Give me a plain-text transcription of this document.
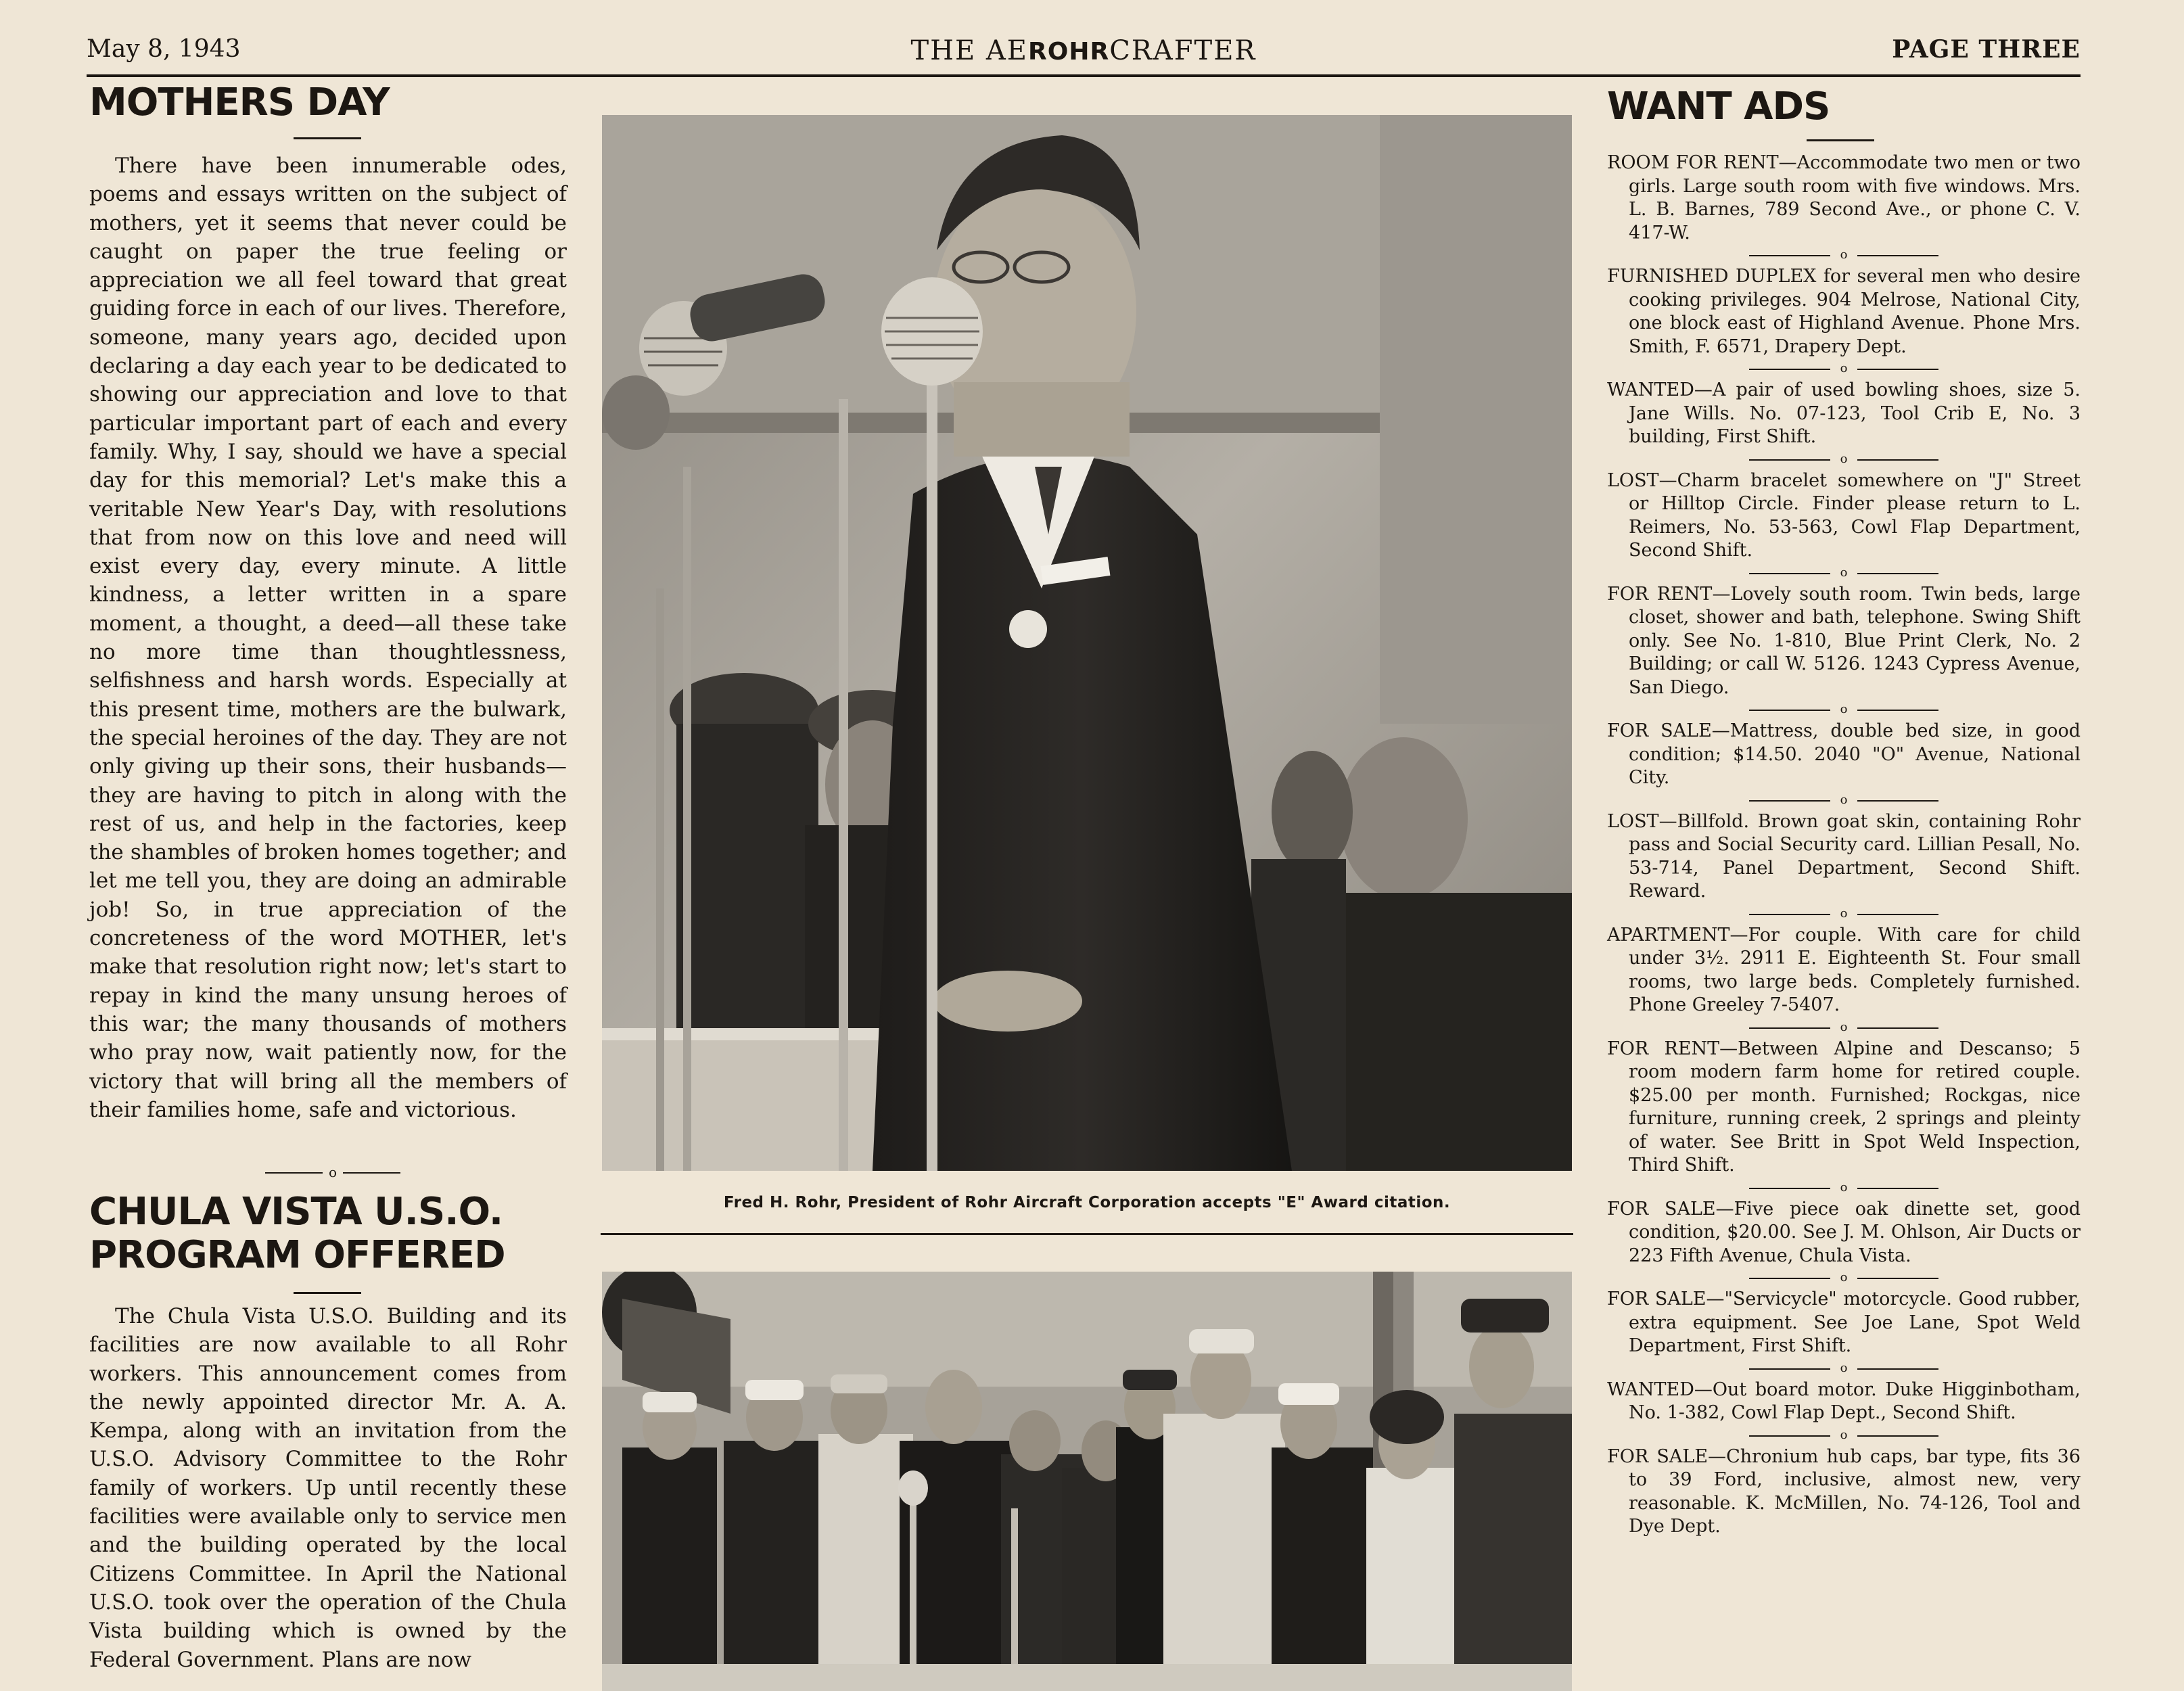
May 8, 1943	THE AEROHRCRAFTER	PAGE THREE
MOTHERS DAY

There have been innumerable odes, poems and essays written on the subject of mothers, yet it seems that never could be caught on paper the true feeling or appreciation we all feel toward that great guiding force in each of our lives. Therefore, someone, many years ago, decided upon declaring a day each year to be dedicated to showing our appreciation and love to that particular important part of each and every family. Why, I say, should we have a special day for this memorial? Let's make this a veritable New Year's Day, with resolutions that from now on this love and need will exist every day, every minute. A little kindness, a letter written in a spare moment, a thought, a deed—all these take no more time than thoughtlessness, selfishness and harsh words. Especially at this present time, mothers are the bulwark, the special heroines of the day. They are not only giving up their sons, their husbands—they are having to pitch in along with the rest of us, and help in the factories, keep the shambles of broken homes together; and let me tell you, they are doing an admirable job! So, in true appreciation of the concreteness of the word MOTHER, let's make that resolution right now; let's start to repay in kind the many unsung heroes of this war; the many thousands of mothers who pray now, wait patiently now, for the victory that will bring all the members of their families home, safe and victorious.

o
CHULA VISTA U.S.O.
PROGRAM OFFERED

The Chula Vista U.S.O. Building and its facilities are now available to all Rohr workers. This announcement comes from the newly appointed director Mr. A. A. Kempa, along with an invitation from the U.S.O. Advisory Committee to the Rohr family of workers. Up until recently these facilities were available only to service men and the building operated by the local Citizens Committee. In April the National U.S.O. took over the operation of the Chula Vista building which is owned by the Federal Government. Plans are now

Fred H. Rohr, President of Rohr Aircraft Corporation accepts "E" Award citation.
WANT ADS

ROOM FOR RENT—Accommodate two men or two girls. Large south room with five windows. Mrs. L. B. Barnes, 789 Second Ave., or phone C. V. 417-W.

o

FURNISHED DUPLEX for several men who desire cooking privileges. 904 Melrose, National City, one block east of Highland Avenue. Phone Mrs. Smith, F. 6571, Drapery Dept.

o

WANTED—A pair of used bowling shoes, size 5. Jane Wills. No. 07-123, Tool Crib E, No. 3 building, First Shift.

o

LOST—Charm bracelet somewhere on "J" Street or Hilltop Circle. Finder please return to L. Reimers, No. 53-563, Cowl Flap Department, Second Shift.

o

FOR RENT—Lovely south room. Twin beds, large closet, shower and bath, telephone. Swing Shift only. See No. 1-810, Blue Print Clerk, No. 2 Building; or call W. 5126. 1243 Cypress Avenue, San Diego.

o

FOR SALE—Mattress, double bed size, in good condition; $14.50. 2040 "O" Avenue, National City.

o

LOST—Billfold. Brown goat skin, containing Rohr pass and Social Security card. Lillian Pesall, No. 53-714, Panel Department, Second Shift. Reward.

o

APARTMENT—For couple. With care for child under 3½. 2911 E. Eighteenth St. Four small rooms, two large beds. Completely furnished. Phone Greeley 7-5407.

o

FOR RENT—Between Alpine and Descanso; 5 room modern farm home for retired couple. $25.00 per month. Furnished; Rockgas, nice furniture, running creek, 2 springs and pleinty of water. See Britt in Spot Weld Inspection, Third Shift.

o

FOR SALE—Five piece oak dinette set, good condition, $20.00. See J. M. Ohlson, Air Ducts or 223 Fifth Avenue, Chula Vista.

o

FOR SALE—"Servicycle" motorcycle. Good rubber, extra equipment. See Joe Lane, Spot Weld Department, First Shift.

o

WANTED—Out board motor. Duke Higginbotham, No. 1-382, Cowl Flap Dept., Second Shift.

o

FOR SALE—Chronium hub caps, bar type, fits 36 to 39 Ford, inclusive, almost new, very reasonable. K. McMillen, No. 74-126, Tool and Dye Dept.
